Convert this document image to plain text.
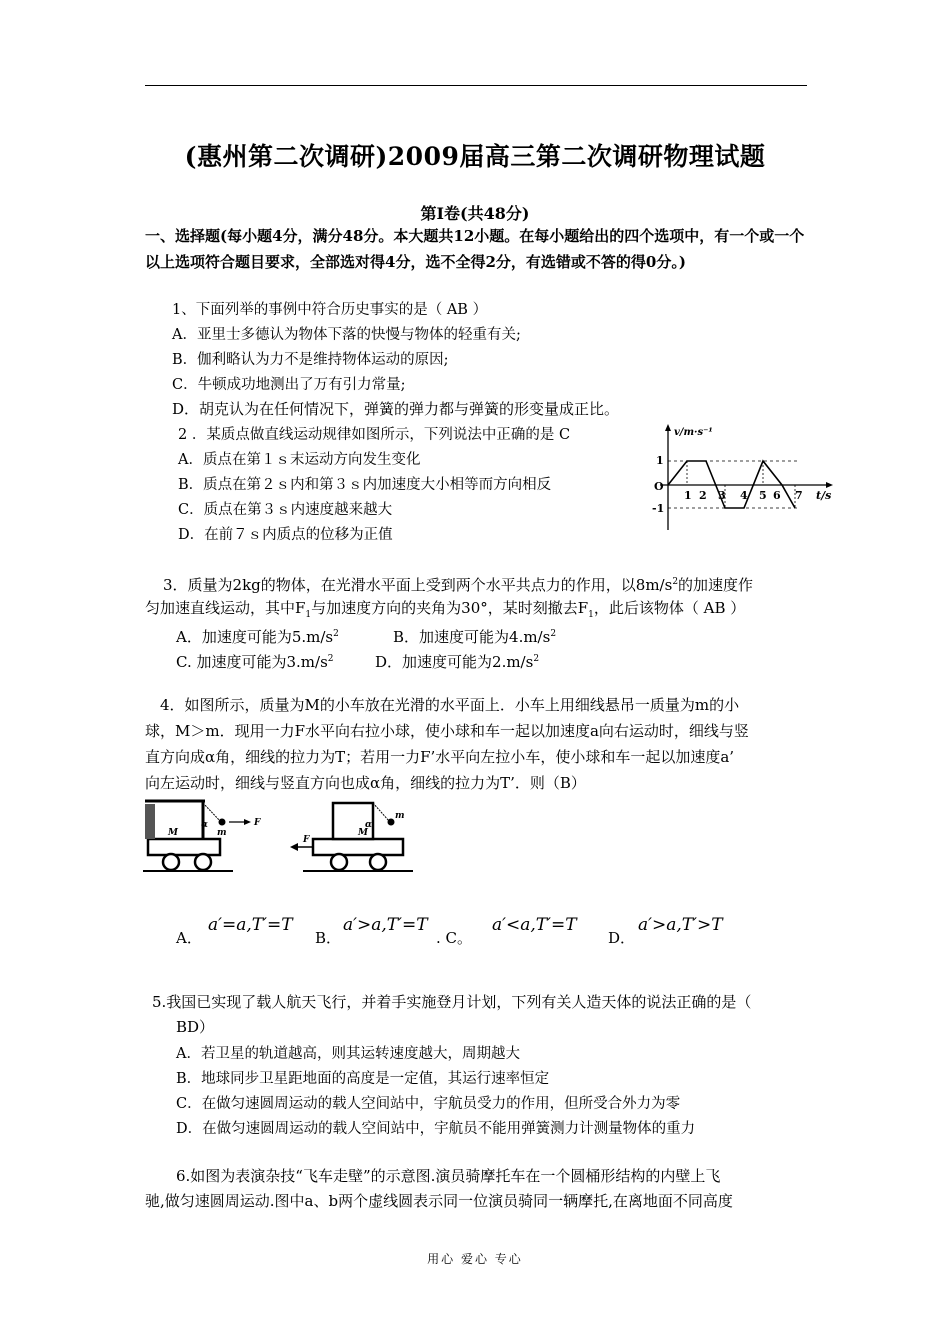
(惠州第二次调研)2009届高三第二次调研物理试题
第Ⅰ卷(共48分)
一、选择题(每小题4分，满分48分。本大题共12小题。在每小题给出的四个选项中，有一个或一个以上选项符合题目要求，全部选对得4分，选不全得2分，有选错或不答的得0分。)
1、下面列举的事例中符合历史事实的是（ AB ）
A．亚里士多德认为物体下落的快慢与物体的轻重有关;
B．伽利略认为力不是维持物体运动的原因;
C．牛顿成功地测出了万有引力常量;
D．胡克认为在任何情况下，弹簧的弹力都与弹簧的形变量成正比。
2 ．某质点做直线运动规律如图所示，下列说法中正确的是 C
A．质点在第１ｓ末运动方向发生变化
B．质点在第２ｓ内和第３ｓ内加速度大小相等而方向相反
C．质点在第３ｓ内速度越来越大
D．在前７ｓ内质点的位移为正值
v/m·s⁻¹
t/s
O
1
-1
1 2 3 4 5 6 7
3．质量为2kg的物体，在光滑水平面上受到两个水平共点力的作用，以$8m/s^2$的加速度作
匀加速直线运动，其中$F_1$与加速度方向的夹角为30°，某时刻撤去$F_1$，此后该物体（ AB ）
A．加速度可能为$5.m/s^2$	B．加速度可能为$4.m/s^2$
C. 加速度可能为$3.m/s^2$	D．加速度可能为$2.m/s^2$
4．如图所示，质量为M的小车放在光滑的水平面上．小车上用细线悬吊一质量为m的小
球，M＞m．现用一力F水平向右拉小球，使小球和车一起以加速度a向右运动时，细线与竖
直方向成α角，细线的拉力为T；若用一力F’水平向左拉小车，使小球和车一起以加速度a’
向左运动时，细线与竖直方向也成α角，细线的拉力为T’．则（B）
F
α
m
M
m
α
M
F
A．
a′=a,T′=T
B．
a′>a,T′=T
. C。
a′<a,T′=T
D．
a′>a,T′>T
5.我国已实现了载人航天飞行，并着手实施登月计划，下列有关人造天体的说法正确的是（
BD）
A．若卫星的轨道越高，则其运转速度越大，周期越大
B．地球同步卫星距地面的高度是一定值，其运行速率恒定
C．在做匀速圆周运动的载人空间站中，宇航员受力的作用，但所受合外力为零
D．在做匀速圆周运动的载人空间站中，宇航员不能用弹簧测力计测量物体的重力
6.如图为表演杂技“飞车走壁”的示意图.演员骑摩托车在一个圆桶形结构的内壁上飞
驰,做匀速圆周运动.图中a、b两个虚线圆表示同一位演员骑同一辆摩托,在离地面不同高度
用心 爱心 专心
